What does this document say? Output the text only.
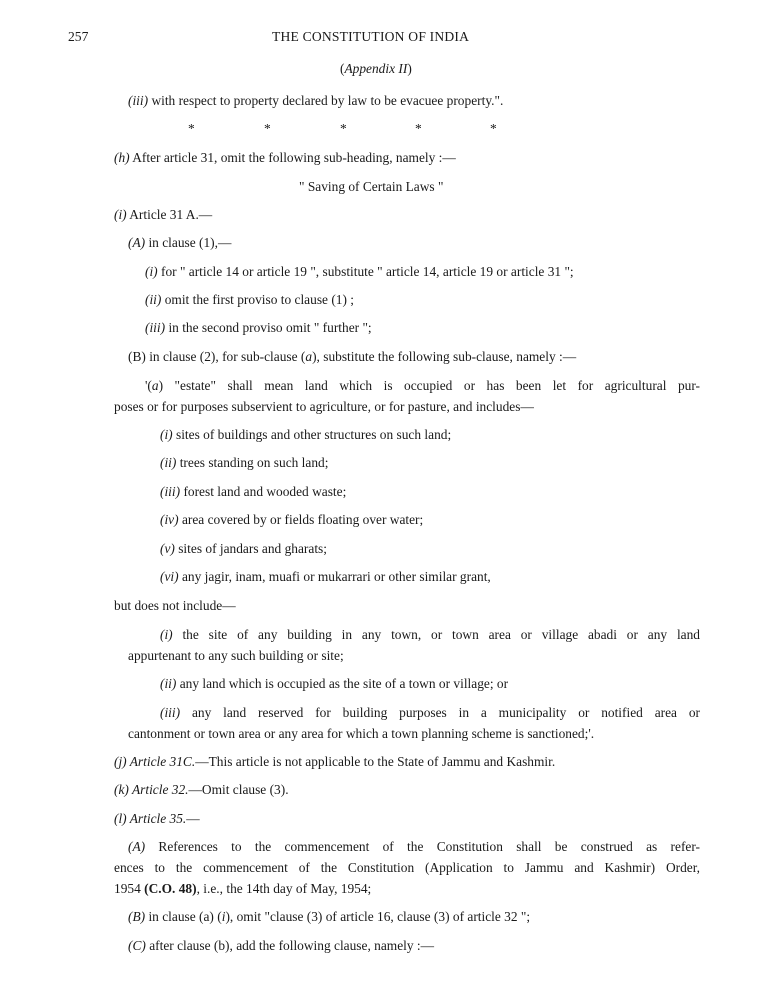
257	THE CONSTITUTION OF INDIA
(Appendix II)
(iii) with respect to property declared by law to be evacuee property.".
*	*	*	*	*
(h) After article 31, omit the following sub-heading, namely :—
" Saving of Certain Laws "
(i) Article 31 A.—
(A) in clause (1),—
(i) for " article 14 or article 19 ", substitute " article 14, article 19 or article 31 ";
(ii) omit the first proviso to clause (1) ;
(iii) in the second proviso omit " further ";
(B) in clause (2), for sub-clause (a), substitute the following sub-clause, namely :—
'(a) "estate" shall mean land which is occupied or has been let for agricultural pur-
poses or for purposes subservient to agriculture, or for pasture, and includes—
(i) sites of buildings and other structures on such land;
(ii) trees standing on such land;
(iii) forest land and wooded waste;
(iv) area covered by or fields floating over water;
(v) sites of jandars and gharats;
(vi) any jagir, inam, muafi or mukarrari or other similar grant,
but does not include—
(i) the site of any building in any town, or town area or village abadi or any land
appurtenant to any such building or site;
(ii) any land which is occupied as the site of a town or village; or
(iii) any land reserved for building purposes in a municipality or notified area or
cantonment or town area or any area for which a town planning scheme is sanctioned;'.
(j) Article 31C.—This article is not applicable to the State of Jammu and Kashmir.
(k) Article 32.—Omit clause (3).
(l) Article 35.—
(A) References to the commencement of the Constitution shall be construed as refer-
ences to the commencement of the Constitution (Application to Jammu and Kashmir) Order,
1954 (C.O. 48), i.e., the 14th day of May, 1954;
(B) in clause (a) (i), omit "clause (3) of article 16, clause (3) of article 32 ";
(C) after clause (b), add the following clause, namely :—
